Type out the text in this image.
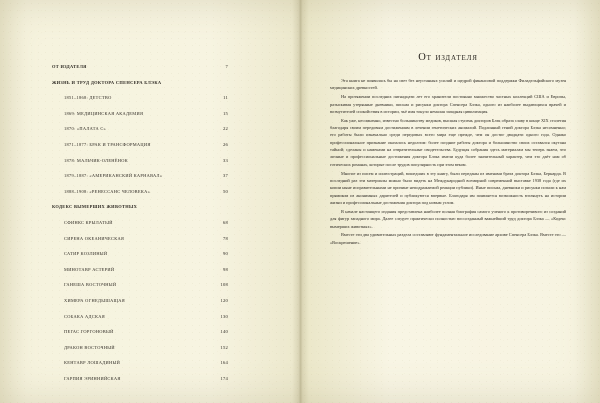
ОТ ИЗДАТЕЛЯ	7
ЖИЗНЬ И ТРУД ДОКТОРА СПЕНСЕРА БЛЭКА
1851–1868: ДЕТСТВО	11
1869: МЕДИЦИНСКАЯ АКАДЕМИЯ	15
1870: «ПАЛАТА С»	22
1871–1877: БРАК И ТРАНСФОРМАЦИЯ	26
1878: МАЛЬЧИК-ОЛЕНЁНОК	33
1879–1887: «АМЕРИКАНСКИЙ КАРНАВАЛ»	37
1888–1908: «РЕНЕССАНС ЧЕЛОВЕКА»	50
КОДЕКС ВЫМЕРШИХ ЖИВОТНЫХ
СФИНКС КРЫЛАТЫЙ	68
СИРЕНА ОКЕАНИЧЕСКАЯ	78
САТИР КОЗЛИНЫЙ	90
МИНОТАВР АСТЕРИЙ	98
ГАНЕША ВОСТОЧНЫЙ	108
ХИМЕРА ОГНЕДЫШАЩАЯ	120
СОБАКА АДСКАЯ	130
ПЕГАС ГОРГОНОВЫЙ	140
ДРАКОН ВОСТОЧНЫЙ	152
КЕНТАВР ЛОШАДИНЫЙ	164
ГАРПИЯ ЭРИННИЙСКАЯ	174
От издателя

Эта книга не появилась бы на свет без неустанных усилий и щедрой финансовой поддержки Филадельфийского музея медицинских древностей.

На протяжении последних пятнадцати лет его хранители постоянно множество частных коллекций США и Европы, разыскивая утерянные дневники, письма и рисунки доктора Спенсера Блэка, одного из наиболее выдающихся врачей и возмутителей спокойствия в истории, чьё имя тонуло немалая западная цивилизация.

Как уже, несомненно, известно большинству медиков, высшая ступень докторов Блэк образа славу в конце XIX столетия благодаря своим передовым достижениям в лечении генетических аномалий. Подлинный гений доктора Блэка несомненно; его работы были изначально среди передовых всего мира еще прежде, чем он достиг двадцати одного года. Однако профессиональное признание оказалось недолгим: более поздние работы доктора и большинство своих оставался окутана тайной; сделаны и намеками на отвратительные свидетельства. Будущая собрания здесь материалам мы теперь знаем, что личные и профессиональные достижения доктора Блэка имели куда более значительный характер, чем это даёт нам об готических романах, которые после трудов популярность при этом веком.

Многие из писем и иллюстраций, вошедших в эту книгу, были переданы из именами брата доктора Блэка, Бернарда. В последний раз эти материалы можно было видеть на Международной всемирной современной выставке 1938 года (где их копии ныне исправительными не причине неподражаемой реакции публики). Иные письма, дневники и рисунки попали к нам прямиком из анонимных дарителей и публикуются впервые. Благодаря им появляется возможность взглянуть на истории жизни и профессиональные достижения доктора под новым углом.

В начале настоящего издания представлена наиболее полная биография самого ученого к противоречивого из созданий для фигур западного мира. Далее следует практически полностью воссозданный важнейший труд доктора Блэка — «Кодекс вымерших животных».

Вместе эти два удивительных раздела составляют фундаментальное исследование архиве Спенсера Блэка. Вместе это — «Воскрешение».
